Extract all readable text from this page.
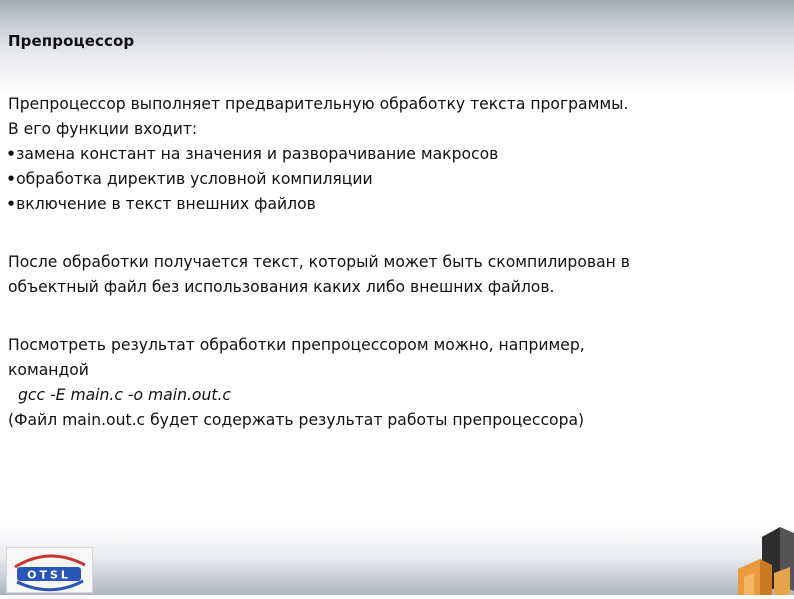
Препроцессор

Препроцессор выполняет предварительную обработку текста программы.

В его функции входит:

● замена констант на значения и разворачивание макросов

● обработка директив условной компиляции

● включение в текст внешних файлов

После обработки получается текст, который может быть скомпилирован в

объектный файл без использования каких либо внешних файлов.

Посмотреть результат обработки препроцессором можно, например,

командой

gcc -E main.c -o main.out.c

(Файл main.out.c будет содержать результат работы препроцессора)

OTSL
